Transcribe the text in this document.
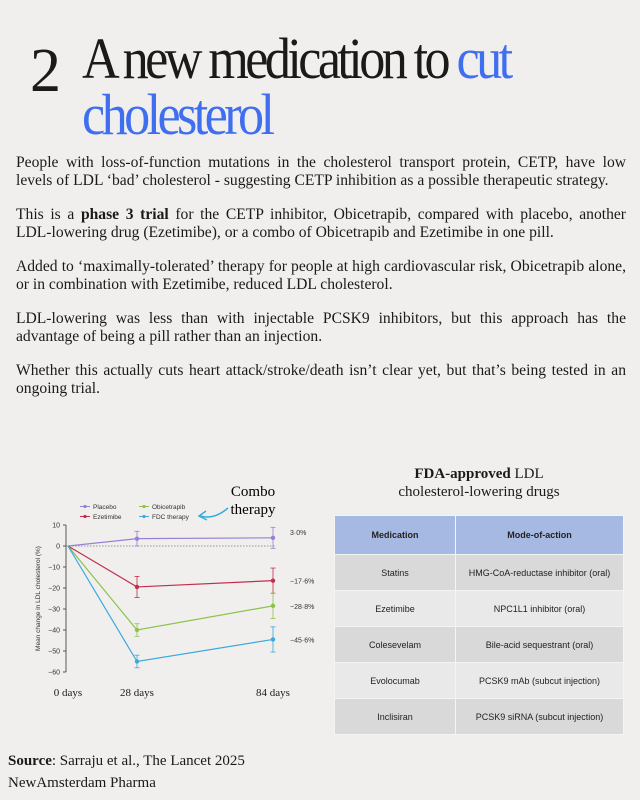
2 A new medication to cut
cholesterol

People with loss-of-function mutations in the cholesterol transport protein, CETP, have low levels of LDL ‘bad’ cholesterol - suggesting CETP inhibition as a possible therapeutic strategy.

This is a phase 3 trial for the CETP inhibitor, Obicetrapib, compared with placebo, another LDL-lowering drug (Ezetimibe), or a combo of Obicetrapib and Ezetimibe in one pill.

Added to ‘maximally-tolerated’ therapy for people at high cardiovascular risk, Obicetrapib alone, or in combination with Ezetimibe, reduced LDL cholesterol.

LDL-lowering was less than with injectable PCSK9 inhibitors, but this approach has the advantage of being a pill rather than an injection.

Whether this actually cuts heart attack/stroke/death isn’t clear yet, but that’s being tested in an ongoing trial.

Combo
therapy
Placebo
Ezetimibe
Obicetrapib
FDC therapy
10
0
−10
−20
−30
−40
−50
−60
Mean change in LDL cholesterol (%)
0 days	28 days	84 days
3·0%
−17·6%
−28·8%
−45·6%
FDA-approved LDL
cholesterol-lowering drugs
Medication	Mode-of-action
Statins	HMG-CoA-reductase inhibitor (oral)
Ezetimibe	NPC1L1 inhibitor (oral)
Colesevelam	Bile-acid sequestrant (oral)
Evolocumab	PCSK9 mAb (subcut injection)
Inclisiran	PCSK9 siRNA (subcut injection)
Source: Sarraju et al., The Lancet 2025
NewAmsterdam Pharma
